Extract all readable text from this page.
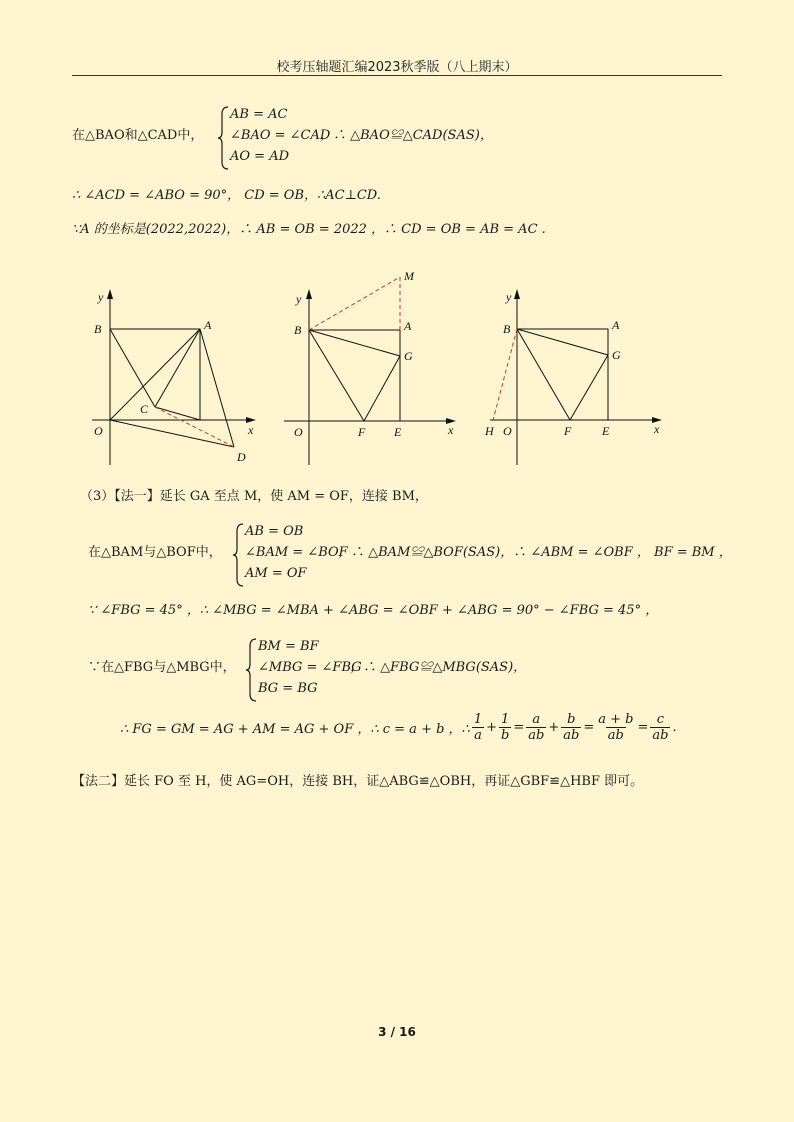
校考压轴题汇编2023秋季版（八上期末）
在△BAO和△CAD中，
AB = AC
∠BAO = ∠CAD
AO = AD
，∴ △BAO≌△CAD(SAS)，
∴ ∠ACD = ∠ABO = 90°， CD = OB，∴AC⊥CD.
∵A 的坐标是(2022,2022)，∴ AB = OB = 2022 ，∴ CD = OB = AB = AC .
y
B	A
C
O	x
D
M
y
B	A
G
O	F E	x
y
B	A
G
H O	F	E	x
（3）【法一】延长 GA 至点 M，使 AM = OF，连接 BM，
在△BAM与△BOF中，
AB = OB
∠BAM = ∠BOF
AM = OF
，∴ △BAM≌△BOF(SAS)，∴ ∠ABM = ∠OBF ， BF = BM ，
∵ ∠FBG = 45° ，∴ ∠MBG = ∠MBA + ∠ABG = ∠OBF + ∠ABG = 90° − ∠FBG = 45° ，
∵在△FBG与△MBG中，
BM = BF
∠MBG = ∠FBG
BG = BG
，∴ △FBG≌△MBG(SAS)，
∴ FG = GM = AG + AM = AG + OF ，∴ c = a + b ，∴ $\frac{1}{a} + \frac{1}{b} = \frac{a}{ab} + \frac{b}{ab} = \frac{a + b}{ab} = \frac{c}{ab}$ .
【法二】延长 FO 至 H，使 AG=OH，连接 BH，证△ABG≌△OBH，再证△GBF≌△HBF 即可。
3 / 16
